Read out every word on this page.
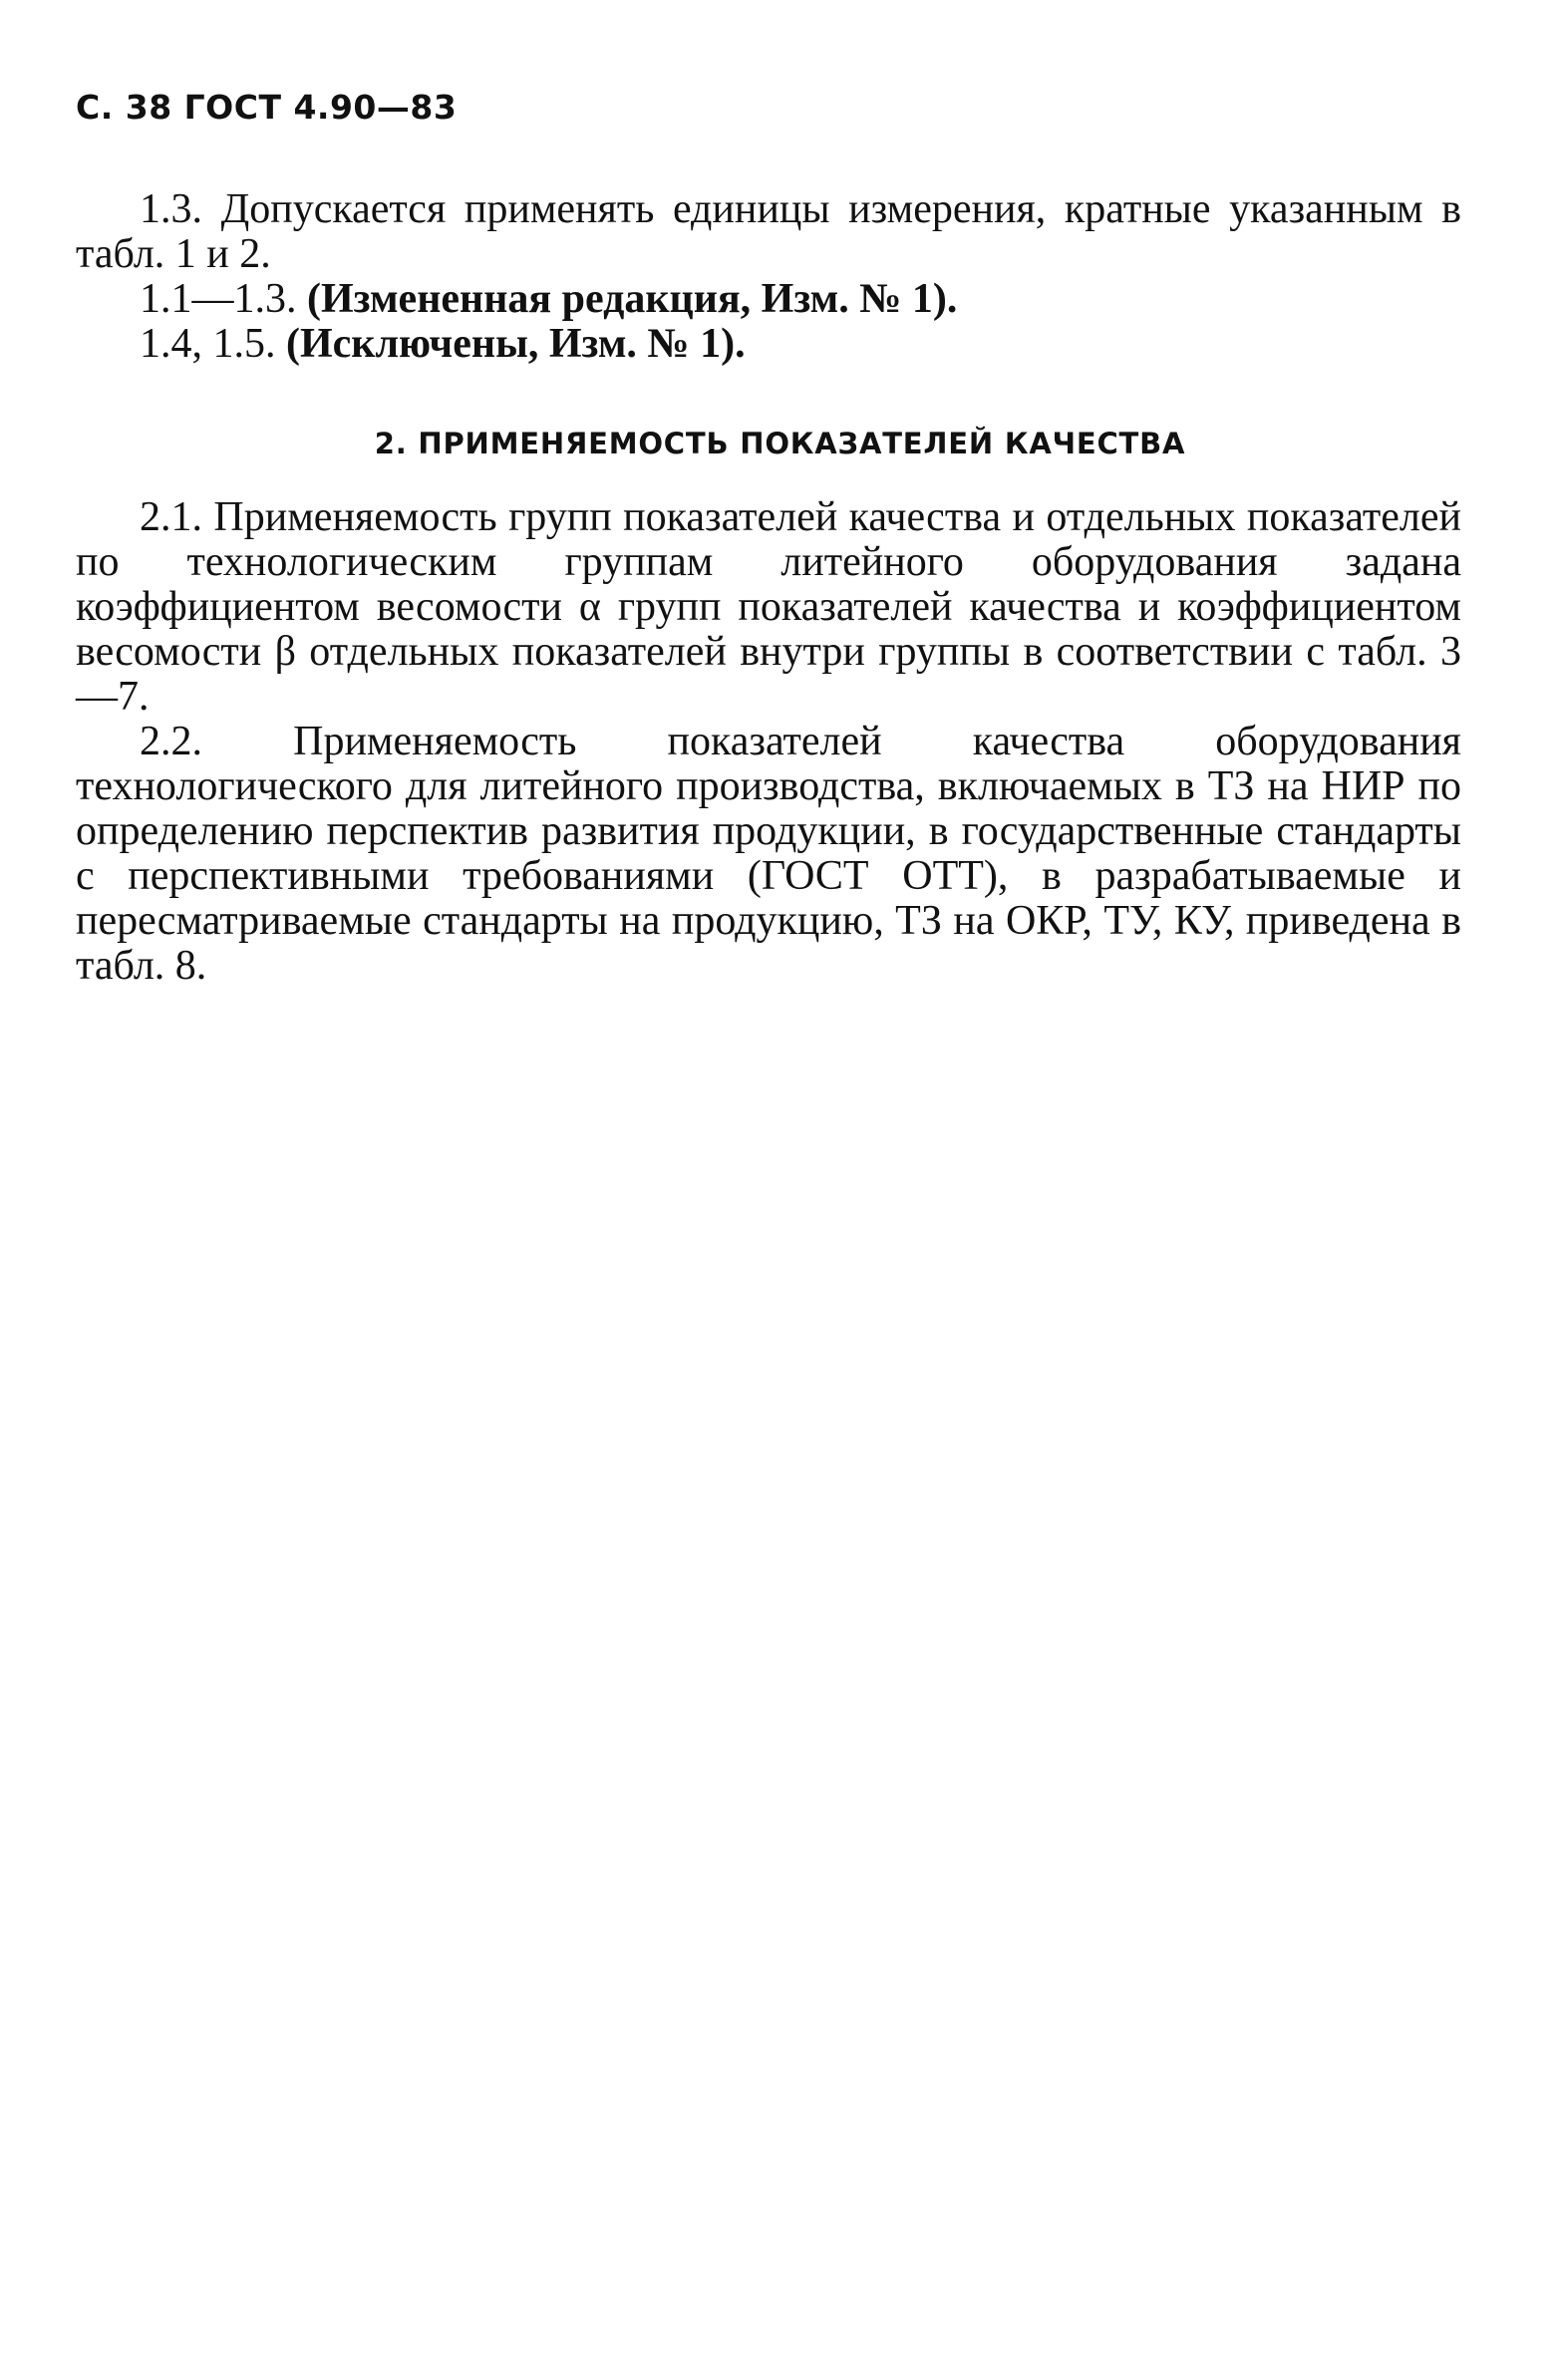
С. 38 ГОСТ 4.90—83

1.3. Допускается применять единицы измерения, кратные указанным в табл. 1 и 2.

1.1—1.3. (Измененная редакция, Изм. № 1).

1.4, 1.5. (Исключены, Изм. № 1).

2. ПРИМЕНЯЕМОСТЬ ПОКАЗАТЕЛЕЙ КАЧЕСТВА

2.1. Применяемость групп показателей качества и отдельных показателей по технологическим группам литейного оборудования задана коэффициентом весомости α групп показателей качества и коэффициентом весомости β отдельных показателей внутри группы в соответствии с табл. 3—7.

2.2. Применяемость показателей качества оборудования технологического для литейного производства, включаемых в ТЗ на НИР по определению перспектив развития продукции, в государственные стандарты с перспективными требованиями (ГОСТ ОТТ), в разрабатываемые и пересматриваемые стандарты на продукцию, ТЗ на ОКР, ТУ, КУ, приведена в табл. 8.
